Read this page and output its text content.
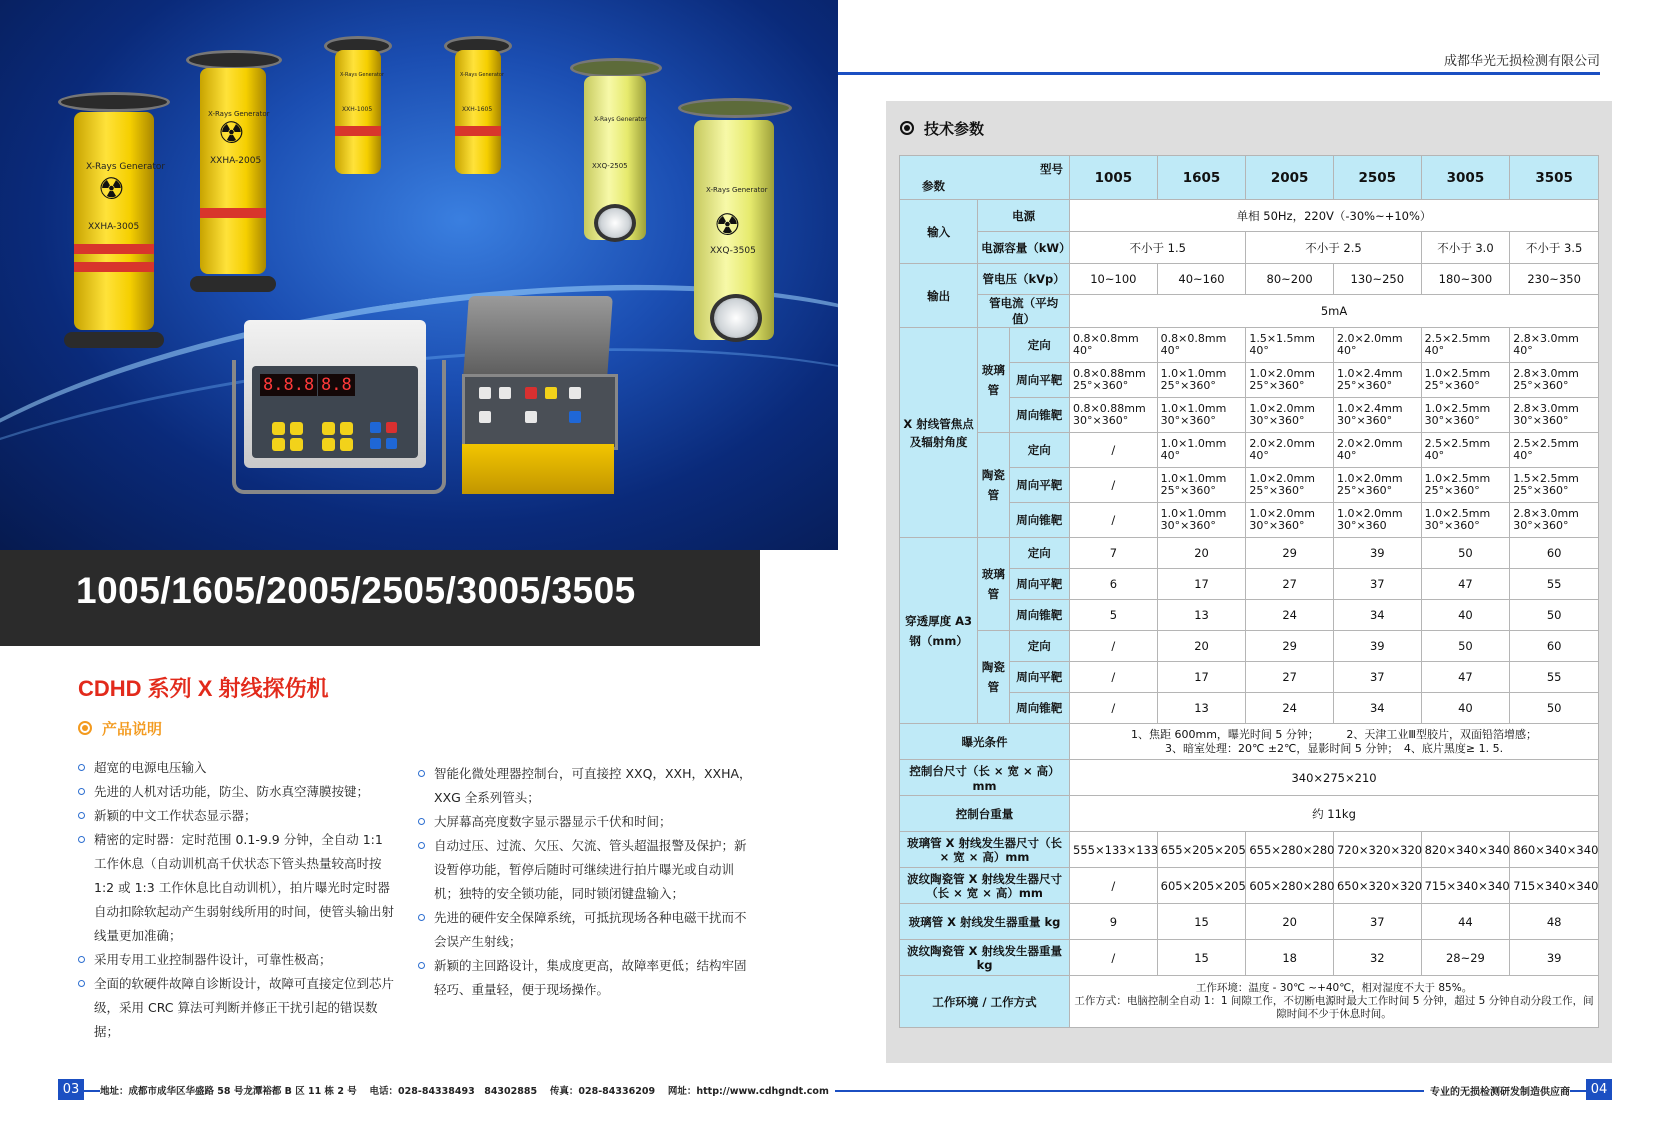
☢
X-Rays Generator
XXHA-3005
☢
X-Rays Generator
XXHA-2005
X-Rays Generator
XXH-1005
X-Rays Generator
XXH-1605
X-Rays Generator
XXQ-2505
☢
X-Rays Generator
XXQ-3505
8.8.8 8.8
1005/1605/2005/2505/3005/3505
CDHD 系列 X 射线探伤机
产品说明
超宽的电源电压输入
先进的人机对话功能，防尘、防水真空薄膜按键；
新颖的中文工作状态显示器；
精密的定时器：定时范围 0.1-9.9 分钟，全自动 1:1 工作休息（自动训机高千伏状态下管头热量较高时按 1:2 或 1:3 工作休息比自动训机），拍片曝光时定时器自动扣除软起动产生弱射线所用的时间，使管头输出射线量更加准确；
采用专用工业控制器件设计，可靠性极高；
全面的软硬件故障自诊断设计，故障可直接定位到芯片级，采用 CRC 算法可判断并修正干扰引起的错误数据；
智能化微处理器控制台，可直接控 XXQ，XXH，XXHA，XXG 全系列管头；
大屏幕高亮度数字显示器显示千伏和时间；
自动过压、过流、欠压、欠流、管头超温报警及保护；新设暂停功能，暂停后随时可继续进行拍片曝光或自动训机；独特的安全锁功能，同时锁闭键盘输入；
先进的硬件安全保障系统，可抵抗现场各种电磁干扰而不会误产生射线；
新颖的主回路设计，集成度更高，故障率更低；结构牢固轻巧、重量轻，便于现场操作。
成都华光无损检测有限公司
技术参数
型号
参数			1005	1605	2005	2505	3005	3505
输入	电源		单相 50Hz，220V（-30%~+10%）					
	电源容量（kW）		不小于 1.5		不小于 2.5		不小于 3.0	不小于 3.5
输出	管电压（kVp）		10~100	40~160	80~200	130~250	180~300	230~350
	管电流（平均值）		5mA					
X 射线管焦点及辐射角度	玻璃管	定向	0.8×0.8mm 40°	0.8×0.8mm 40°	1.5×1.5mm 40°	2.0×2.0mm 40°	2.5×2.5mm 40°	2.8×3.0mm 40°
		周向平靶	0.8×0.88mm 25°×360°	1.0×1.0mm 25°×360°	1.0×2.0mm 25°×360°	1.0×2.4mm 25°×360°	1.0×2.5mm 25°×360°	2.8×3.0mm 25°×360°
		周向锥靶	0.8×0.88mm 30°×360°	1.0×1.0mm 30°×360°	1.0×2.0mm 30°×360°	1.0×2.4mm 30°×360°	1.0×2.5mm 30°×360°	2.8×3.0mm 30°×360°
	陶瓷管	定向	/	1.0×1.0mm 40°	2.0×2.0mm 40°	2.0×2.0mm 40°	2.5×2.5mm 40°	2.5×2.5mm 40°
		周向平靶	/	1.0×1.0mm 25°×360°	1.0×2.0mm 25°×360°	1.0×2.0mm 25°×360°	1.0×2.5mm 25°×360°	1.5×2.5mm 25°×360°
		周向锥靶	/	1.0×1.0mm 30°×360°	1.0×2.0mm 30°×360°	1.0×2.0mm 30°×360	1.0×2.5mm 30°×360°	2.8×3.0mm 30°×360°
穿透厚度 A3 钢（mm）	玻璃管	定向	7	20	29	39	50	60
		周向平靶	6	17	27	37	47	55
		周向锥靶	5	13	24	34	40	50
	陶瓷管	定向	/	20	29	39	50	60
		周向平靶	/	17	27	37	47	55
		周向锥靶	/	13	24	34	40	50
曝光条件			1、焦距 600mm，曝光时间 5 分钟；　　　2、天津工业Ⅲ型胶片，双面铅箔增感；
3、暗室处理：20℃ ±2℃，显影时间 5 分钟；　4、底片黑度≥ 1. 5.					

控制台尺寸（长 × 宽 × 高）mm			340×275×210					
控制台重量			约 11kg					
玻璃管 X 射线发生器尺寸（长 × 宽 × 高）mm			555×133×133	655×205×205	655×280×280	720×320×320	820×340×340	860×340×340
波纹陶瓷管 X 射线发生器尺寸（长 × 宽 × 高）mm			/	605×205×205	605×280×280	650×320×320	715×340×340	715×340×340
玻璃管 X 射线发生器重量 kg			9	15	20	37	44	48
波纹陶瓷管 X 射线发生器重量 kg			/	15	18	32	28~29	39
工作环境 / 工作方式			工作环境：温度 - 30℃ ~+40℃，相对湿度不大于 85%。
工作方式：电脑控制全自动 1：1 间隙工作，不切断电源时最大工作时间 5 分钟，超过 5 分钟自动分段工作，间隙时间不少于休息时间。					
03	地址：成都市成华区华盛路 58 号龙潭裕都 B 区 11 栋 2 号　 电话：028-84338493　84302885　 传真：028-84336209　 网址：http://www.cdhgndt.com	专业的无损检测研发制造供应商	04
